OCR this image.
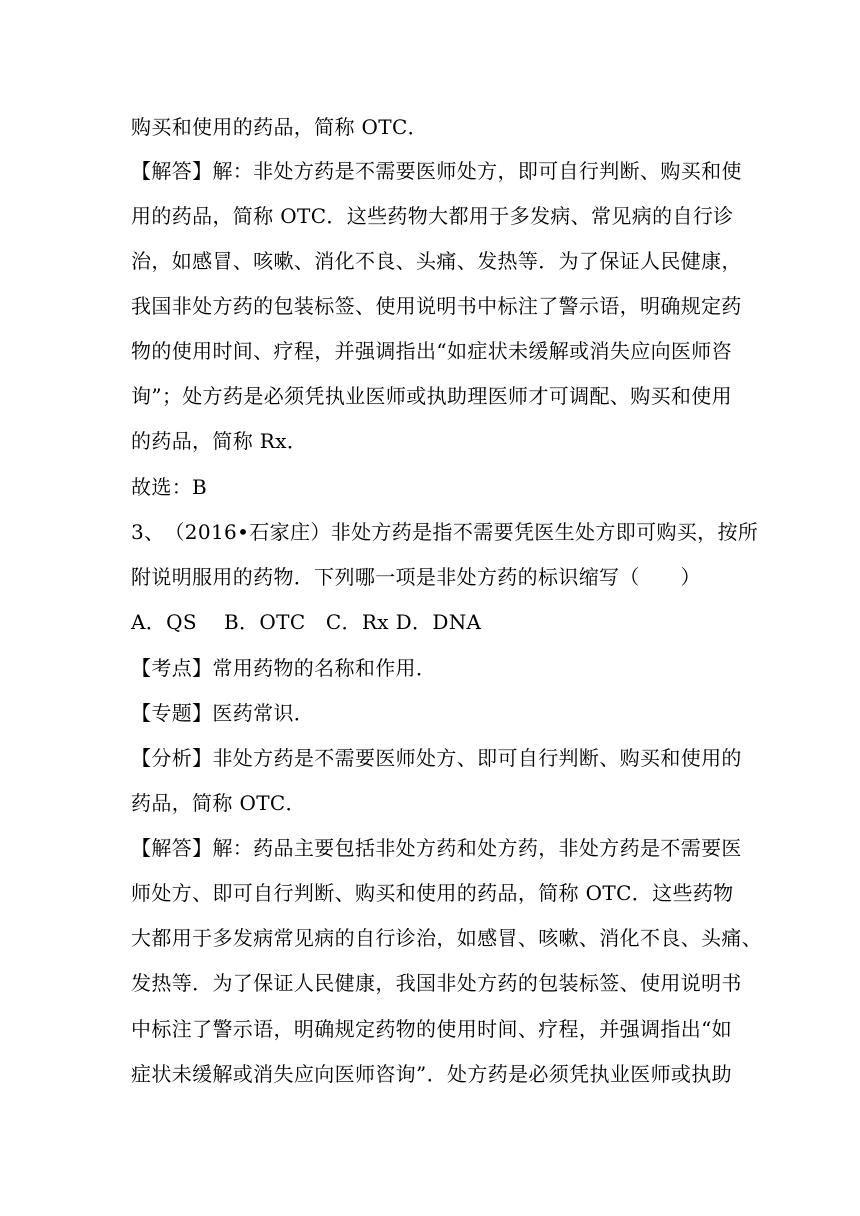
购买和使用的药品，简称 OTC．
【 解 答 】 解 ： 非 处 方 药 是 不 需 要 医 师 处 方 ， 即 可 自 行 判 断 、 购 买 和 使
用 的 药 品 ， 简 称
O T C ． 这 些 药 物 大 都 用 于 多 发 病 、 常 见 病 的 自 行 诊
治 ， 如 感 冒 、 咳 嗽 、 消 化 不 良 、 头 痛 、 发 热 等 ． 为 了 保 证 人 民 健 康 ，
我 国 非 处 方 药 的 包 装 标 签 、 使 用 说 明 书 中 标 注 了 警 示 语 ， 明 确 规 定 药
物 的 使 用 时 间 、 疗 程 ， 并 强 调 指 出 “ 如 症 状 未 缓 解 或 消 失 应 向 医 师 咨
询 ” ； 处 方 药 是 必 须 凭 执 业 医 师 或 执 助 理 医 师 才 可 调 配 、 购 买 和 使 用
的药品，简称 Rx．
故选：B
3 、 （ 2 0 1 6 • 石 家 庄 ） 非 处 方 药 是 指 不 需 要 凭 医 生 处 方 即 可 购 买 ， 按 所
附说明服用的药物．下列哪一项是非处方药的标识缩写（　　）
A．QS　 B．OTC　C．Rx D．DNA
【考点】常用药物的名称和作用．
【专题】医药常识．
【 分 析 】 非 处 方 药 是 不 需 要 医 师 处 方 、 即 可 自 行 判 断 、 购 买 和 使 用 的
药品，简称 OTC．
【 解 答 】 解 ： 药 品 主 要 包 括 非 处 方 药 和 处 方 药 ， 非 处 方 药 是 不 需 要 医
师 处 方 、 即 可 自 行 判 断 、 购 买 和 使 用 的 药 品 ， 简 称
O T C ． 这 些 药 物
大 都 用 于 多 发 病 常 见 病 的 自 行 诊 治 ， 如 感 冒 、 咳 嗽 、 消 化 不 良 、 头 痛 、
发 热 等 ． 为 了 保 证 人 民 健 康 ， 我 国 非 处 方 药 的 包 装 标 签 、 使 用 说 明 书
中 标 注 了 警 示 语 ， 明 确 规 定 药 物 的 使 用 时 间 、 疗 程 ， 并 强 调 指 出 “ 如
症 状 未 缓 解 或 消 失 应 向 医 师 咨 询 ” ． 处 方 药 是 必 须 凭 执 业 医 师 或 执 助
